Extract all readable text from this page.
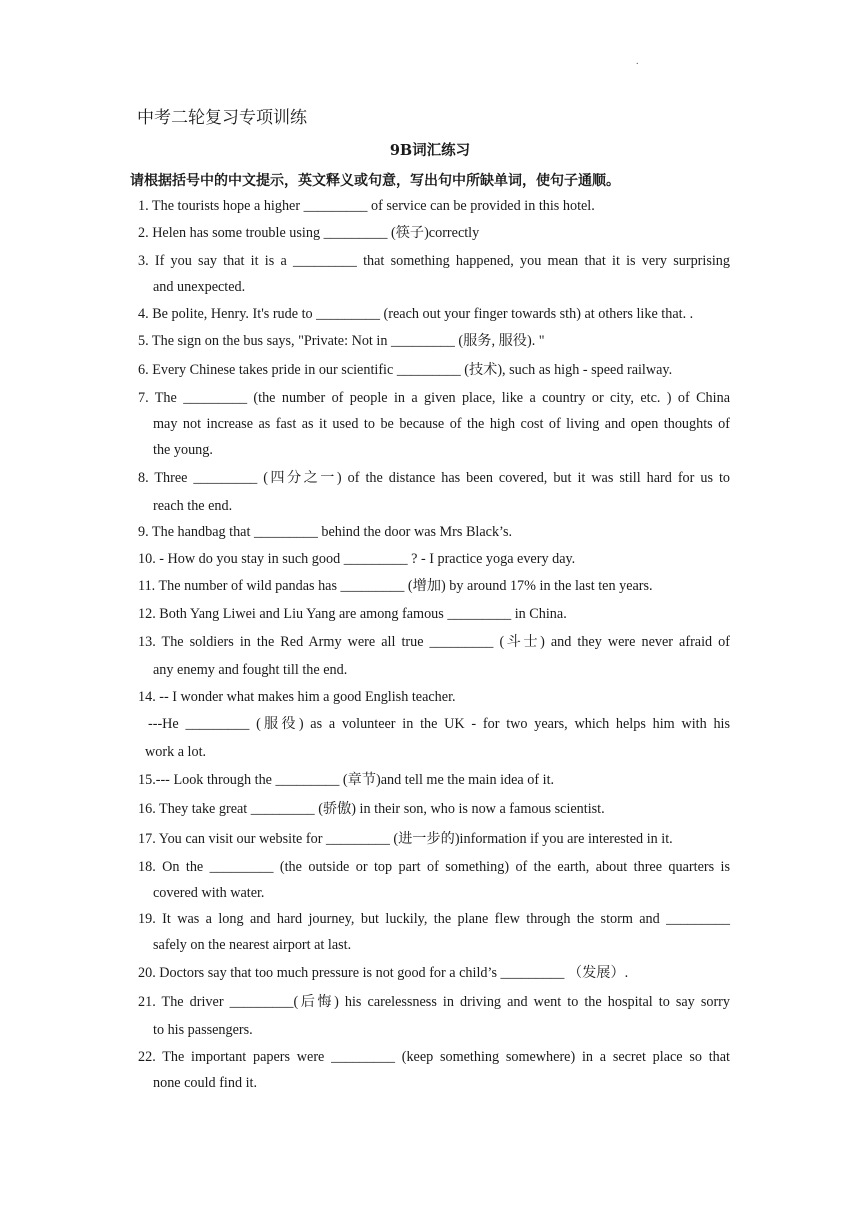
.
中考二轮复习专项训练
9B词汇练习
请根据括号中的中文提示，英文释义或句意，写出句中所缺单词，使句子通顺。
1. The tourists hope a higher _________ of service can be provided in this hotel.
2. Helen has some trouble using _________ (筷子)correctly
3. If you say that it is a _________ that something happened, you mean that it is very surprising
and unexpected.
4. Be polite, Henry. It's rude to _________ (reach out your finger towards sth) at others like that. .
5. The sign on the bus says, "Private: Not in _________ (服务, 服役). "
6. Every Chinese takes pride in our scientific _________ (技术), such as high - speed railway.
7. The _________ (the number of people in a given place, like a country or city, etc. ) of China
may not increase as fast as it used to be because of the high cost of living and open thoughts of
the young.
8. Three _________ (四分之一) of the distance has been covered, but it was still hard for us to
reach the end.
9. The handbag that _________ behind the door was Mrs Black’s.
10. - How do you stay in such good _________ ? - I practice yoga every day.
11. The number of wild pandas has _________ (增加) by around 17% in the last ten years.
12. Both Yang Liwei and Liu Yang are among famous _________ in China.
13. The soldiers in the Red Army were all true _________ (斗士) and they were never afraid of
any enemy and fought till the end.
14. -- I wonder what makes him a good English teacher.
---He _________ (服役) as a volunteer in the UK - for two years, which helps him with his
work a lot.
15.--- Look through the _________ (章节)and tell me the main idea of it.
16. They take great _________ (骄傲) in their son, who is now a famous scientist.
17. You can visit our website for _________ (进一步的)information if you are interested in it.
18. On the _________ (the outside or top part of something) of the earth, about three quarters is
covered with water.
19. It was a long and hard journey, but luckily, the plane flew through the storm and _________
safely on the nearest airport at last.
20. Doctors say that too much pressure is not good for a child’s _________ （发展）.
21. The driver _________(后悔) his carelessness in driving and went to the hospital to say sorry
to his passengers.
22. The important papers were _________ (keep something somewhere) in a secret place so that
none could find it.
